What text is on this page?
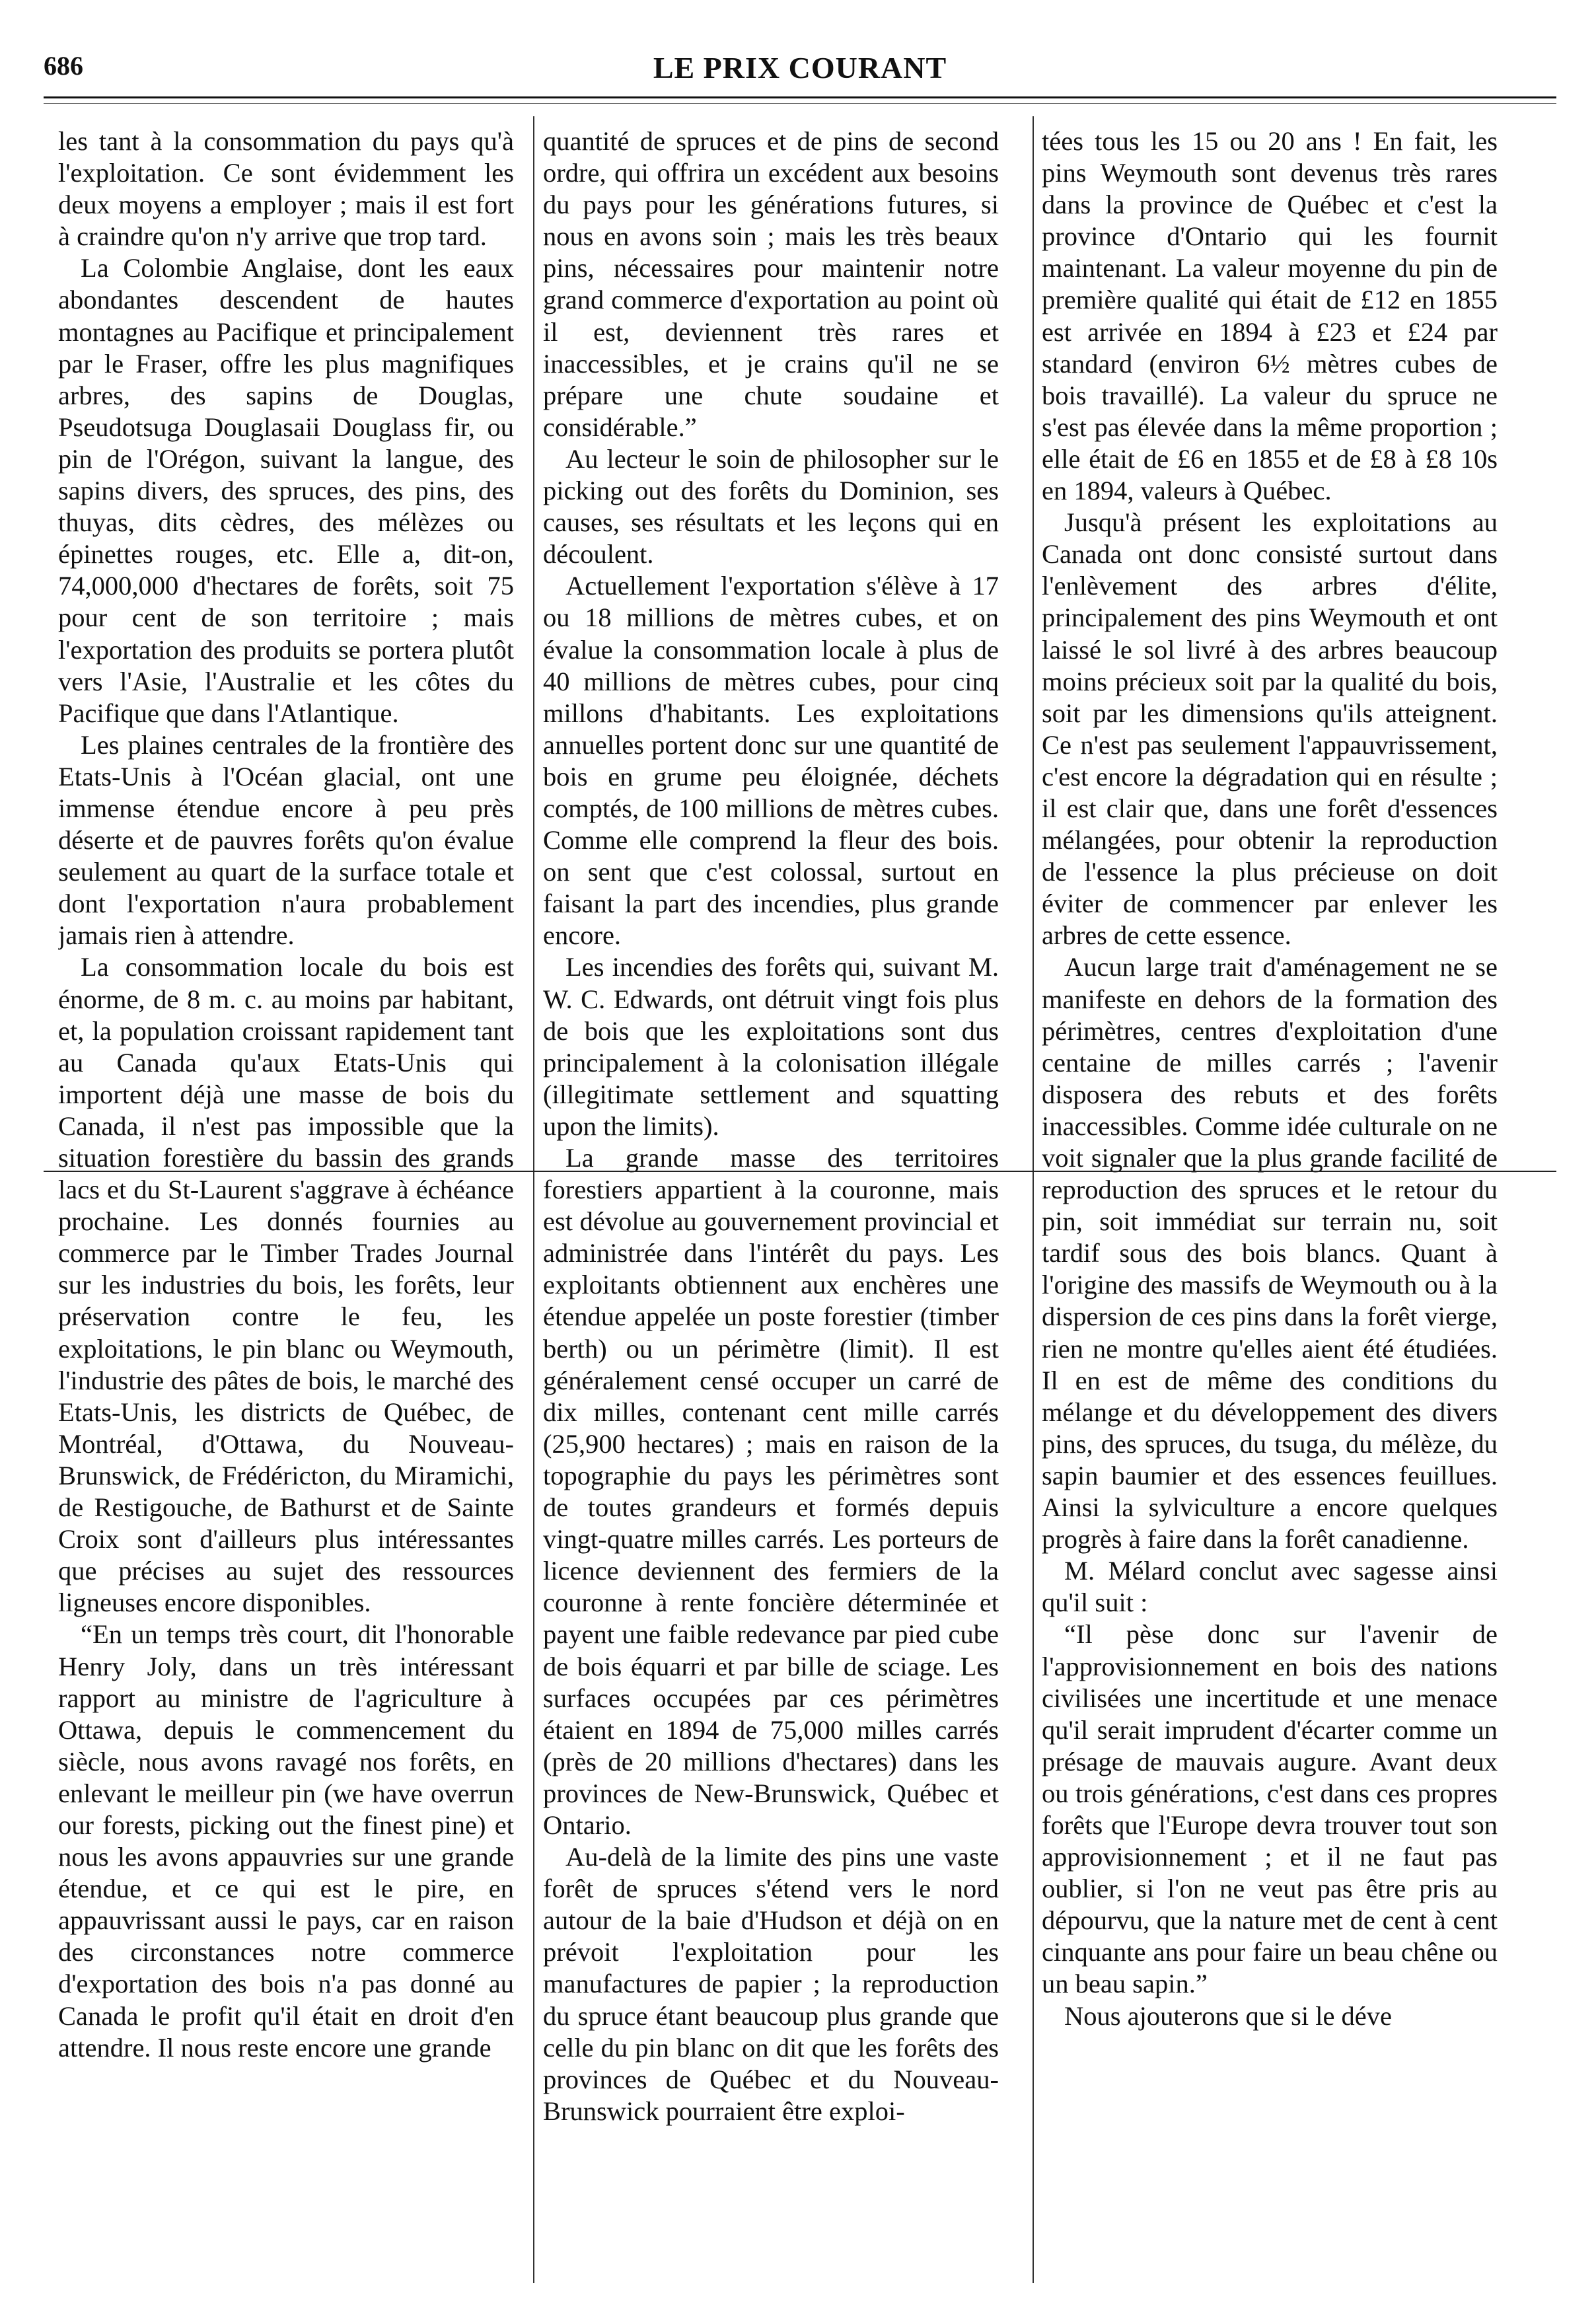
686	LE PRIX COURANT

les tant à la consommation du pays qu'à l'exploitation. Ce sont évidemment les deux moyens a employer ; mais il est fort à craindre qu'on n'y arrive que trop tard.

La Colombie Anglaise, dont les eaux abondantes descendent de hautes montagnes au Pacifique et principalement par le Fraser, offre les plus magnifiques arbres, des sapins de Douglas, Pseudotsuga Douglasaii Douglass fir, ou pin de l'Orégon, suivant la langue, des sapins divers, des spruces, des pins, des thuyas, dits cèdres, des mélèzes ou épinettes rouges, etc. Elle a, dit-on, 74,000,000 d'hectares de forêts, soit 75 pour cent de son territoire ; mais l'exportation des produits se portera plutôt vers l'Asie, l'Australie et les côtes du Pacifique que dans l'Atlantique.

Les plaines centrales de la frontière des Etats-Unis à l'Océan glacial, ont une immense étendue encore à peu près déserte et de pauvres forêts qu'on évalue seulement au quart de la surface totale et dont l'exportation n'aura probablement jamais rien à attendre.

La consommation locale du bois est énorme, de 8 m. c. au moins par habitant, et, la population croissant rapidement tant au Canada qu'aux Etats-Unis qui importent déjà une masse de bois du Canada, il n'est pas impossible que la situation forestière du bassin des grands lacs et du St-Laurent s'aggrave à échéance prochaine. Les donnés fournies au commerce par le Timber Trades Journal sur les industries du bois, les forêts, leur préservation contre le feu, les exploitations, le pin blanc ou Weymouth, l'industrie des pâtes de bois, le marché des Etats-Unis, les districts de Québec, de Montréal, d'Ottawa, du Nouveau-Brunswick, de Frédéricton, du Miramichi, de Restigouche, de Bathurst et de Sainte Croix sont d'ailleurs plus intéressantes que précises au sujet des ressources ligneuses encore disponibles.

“En un temps très court, dit l'honorable Henry Joly, dans un très intéressant rapport au ministre de l'agriculture à Ottawa, depuis le commencement du siècle, nous avons ravagé nos forêts, en enlevant le meilleur pin (we have overrun our forests, picking out the finest pine) et nous les avons appauvries sur une grande étendue, et ce qui est le pire, en appauvrissant aussi le pays, car en raison des circonstances notre commerce d'exportation des bois n'a pas donné au Canada le profit qu'il était en droit d'en attendre. Il nous reste encore une grande

quantité de spruces et de pins de second ordre, qui offrira un excédent aux besoins du pays pour les générations futures, si nous en avons soin ; mais les très beaux pins, nécessaires pour maintenir notre grand commerce d'exportation au point où il est, deviennent très rares et inaccessibles, et je crains qu'il ne se prépare une chute soudaine et considérable.”

Au lecteur le soin de philosopher sur le picking out des forêts du Dominion, ses causes, ses résultats et les leçons qui en découlent.

Actuellement l'exportation s'élève à 17 ou 18 millions de mètres cubes, et on évalue la consommation locale à plus de 40 millions de mètres cubes, pour cinq millons d'habitants. Les exploitations annuelles portent donc sur une quantité de bois en grume peu éloignée, déchets comptés, de 100 millions de mètres cubes. Comme elle comprend la fleur des bois. on sent que c'est colossal, surtout en faisant la part des incendies, plus grande encore.

Les incendies des forêts qui, suivant M. W. C. Edwards, ont détruit vingt fois plus de bois que les exploitations sont dus principalement à la colonisation illégale (illegitimate settlement and squatting upon the limits).

La grande masse des territoires forestiers appartient à la couronne, mais est dévolue au gouvernement provincial et administrée dans l'intérêt du pays. Les exploitants obtiennent aux enchères une étendue appelée un poste forestier (timber berth) ou un périmètre (limit). Il est généralement censé occuper un carré de dix milles, contenant cent mille carrés (25,900 hectares) ; mais en raison de la topographie du pays les périmètres sont de toutes grandeurs et formés depuis vingt-quatre milles carrés. Les porteurs de licence deviennent des fermiers de la couronne à rente foncière déterminée et payent une faible redevance par pied cube de bois équarri et par bille de sciage. Les surfaces occupées par ces périmètres étaient en 1894 de 75,000 milles carrés (près de 20 millions d'hectares) dans les provinces de New-Brunswick, Québec et Ontario.

Au-delà de la limite des pins une vaste forêt de spruces s'étend vers le nord autour de la baie d'Hudson et déjà on en prévoit l'exploitation pour les manufactures de papier ; la reproduction du spruce étant beaucoup plus grande que celle du pin blanc on dit que les forêts des provinces de Québec et du Nouveau-Brunswick pourraient être exploi-

tées tous les 15 ou 20 ans ! En fait, les pins Weymouth sont devenus très rares dans la province de Québec et c'est la province d'Ontario qui les fournit maintenant. La valeur moyenne du pin de première qualité qui était de £12 en 1855 est arrivée en 1894 à £23 et £24 par standard (environ 6½ mètres cubes de bois travaillé). La valeur du spruce ne s'est pas élevée dans la même proportion ; elle était de £6 en 1855 et de £8 à £8 10s en 1894, valeurs à Québec.

Jusqu'à présent les exploitations au Canada ont donc consisté surtout dans l'enlèvement des arbres d'élite, principalement des pins Weymouth et ont laissé le sol livré à des arbres beaucoup moins précieux soit par la qualité du bois, soit par les dimensions qu'ils atteignent. Ce n'est pas seulement l'appauvrissement, c'est encore la dégradation qui en résulte ; il est clair que, dans une forêt d'essences mélangées, pour obtenir la reproduction de l'essence la plus précieuse on doit éviter de commencer par enlever les arbres de cette essence.

Aucun large trait d'aménagement ne se manifeste en dehors de la formation des périmètres, centres d'exploitation d'une centaine de milles carrés ; l'avenir disposera des rebuts et des forêts inaccessibles. Comme idée culturale on ne voit signaler que la plus grande facilité de reproduction des spruces et le retour du pin, soit immédiat sur terrain nu, soit tardif sous des bois blancs. Quant à l'origine des massifs de Weymouth ou à la dispersion de ces pins dans la forêt vierge, rien ne montre qu'elles aient été étudiées. Il en est de même des conditions du mélange et du développement des divers pins, des spruces, du tsuga, du mélèze, du sapin baumier et des essences feuillues. Ainsi la sylviculture a encore quelques progrès à faire dans la forêt canadienne.

M. Mélard conclut avec sagesse ainsi qu'il suit :

“Il pèse donc sur l'avenir de l'approvisionnement en bois des nations civilisées une incertitude et une menace qu'il serait imprudent d'écarter comme un présage de mauvais augure. Avant deux ou trois générations, c'est dans ces propres forêts que l'Europe devra trouver tout son approvisionnement ; et il ne faut pas oublier, si l'on ne veut pas être pris au dépourvu, que la nature met de cent à cent cinquante ans pour faire un beau chêne ou un beau sapin.”

Nous ajouterons que si le déve
